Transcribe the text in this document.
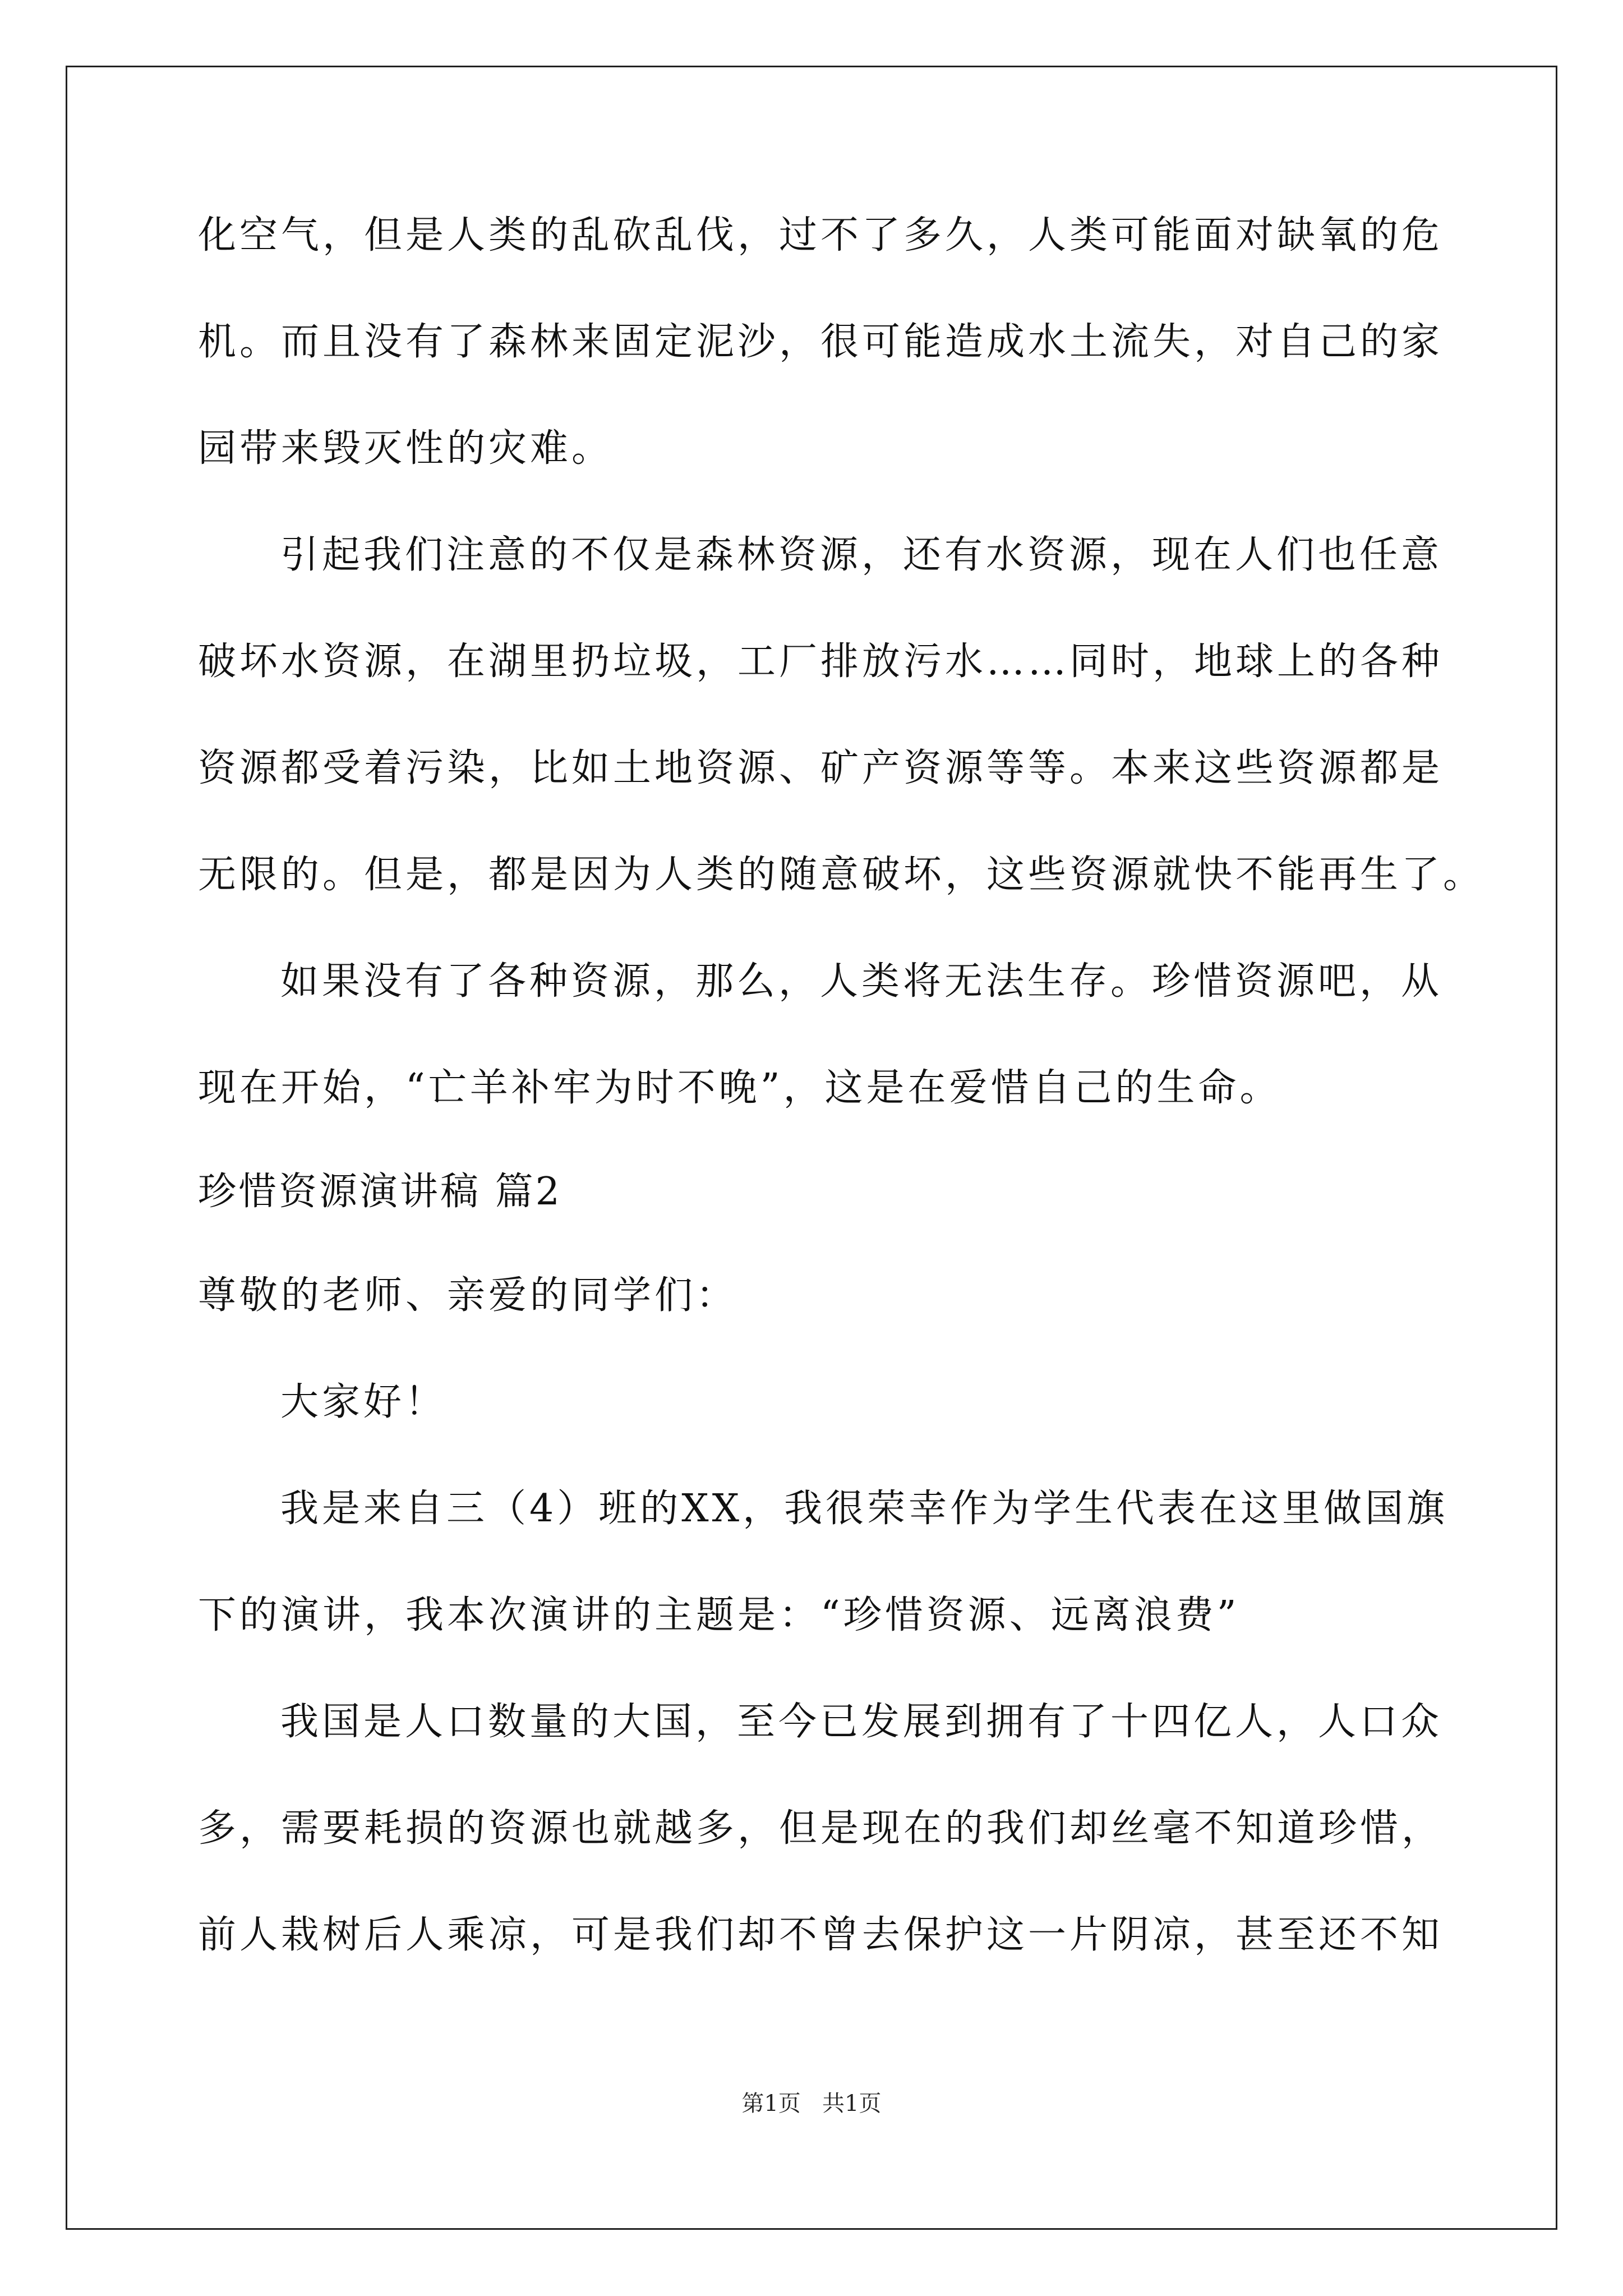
化空气，但是人类的乱砍乱伐，过不了多久，人类可能面对缺氧的危
机。而且没有了森林来固定泥沙，很可能造成水土流失，对自己的家
园带来毁灭性的灾难。
引起我们注意的不仅是森林资源，还有水资源，现在人们也任意
破坏水资源，在湖里扔垃圾，工厂排放污水……同时，地球上的各种
资源都受着污染，比如土地资源、矿产资源等等。本来这些资源都是
无限的。但是，都是因为人类的随意破坏，这些资源就快不能再生了。
如果没有了各种资源，那么，人类将无法生存。珍惜资源吧，从
现在开始，“亡羊补牢为时不晚”，这是在爱惜自己的生命。
珍惜资源演讲稿 篇2
尊敬的老师、亲爱的同学们：
大家好！
我是来自三（4）班的XX，我很荣幸作为学生代表在这里做国旗
下的演讲，我本次演讲的主题是：“珍惜资源、远离浪费”
我国是人口数量的大国，至今已发展到拥有了十四亿人，人口众
多，需要耗损的资源也就越多，但是现在的我们却丝毫不知道珍惜，
前人栽树后人乘凉，可是我们却不曾去保护这一片阴凉，甚至还不知
第1页   共1页
